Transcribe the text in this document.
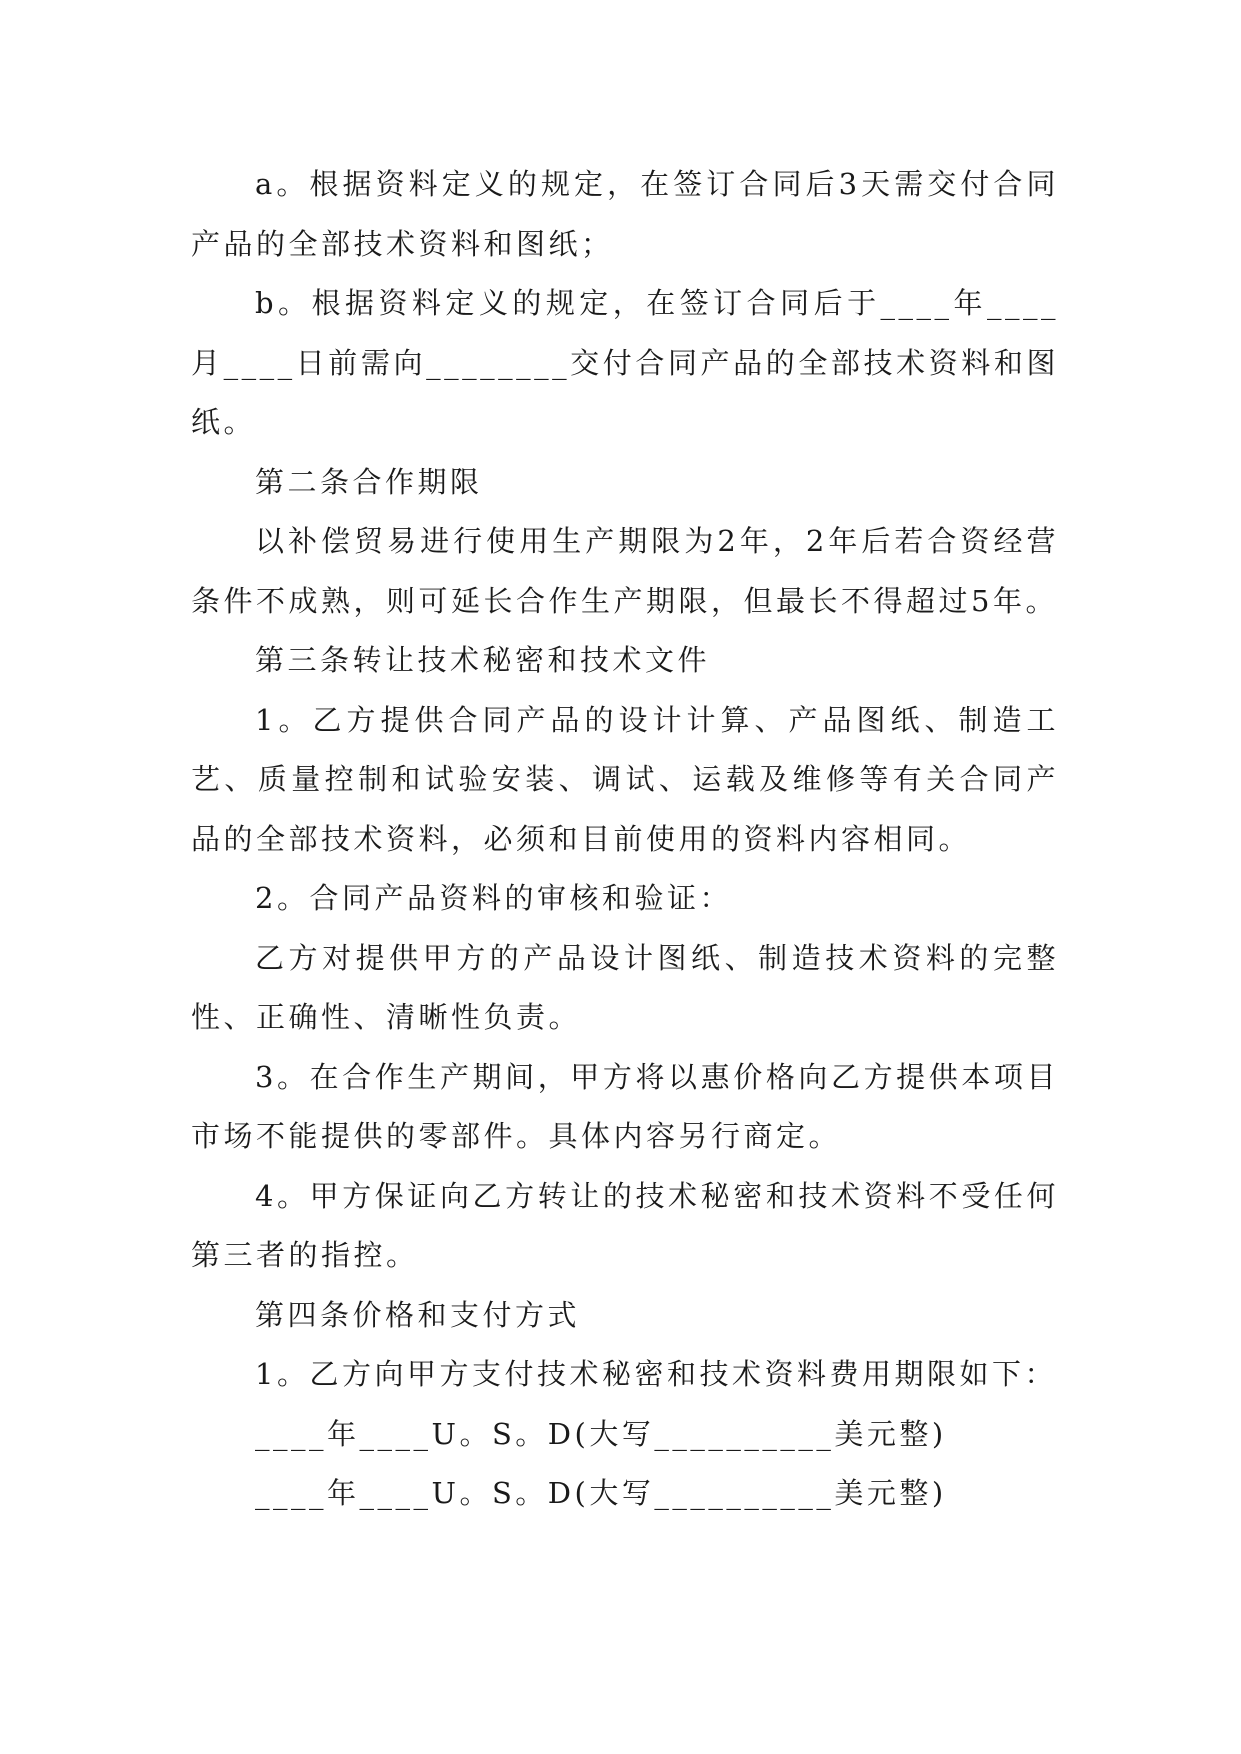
a。根据资料定义的规定，在签订合同后3天需交付合同产品的全部技术资料和图纸；

b。根据资料定义的规定，在签订合同后于____年____月____日前需向________交付合同产品的全部技术资料和图纸。

第二条合作期限

以补偿贸易进行使用生产期限为2年，2年后若合资经营条件不成熟，则可延长合作生产期限，但最长不得超过5年。

第三条转让技术秘密和技术文件

1。乙方提供合同产品的设计计算、产品图纸、制造工艺、质量控制和试验安装、调试、运载及维修等有关合同产品的全部技术资料，必须和目前使用的资料内容相同。

2。合同产品资料的审核和验证：

乙方对提供甲方的产品设计图纸、制造技术资料的完整性、正确性、清晰性负责。

3。在合作生产期间，甲方将以惠价格向乙方提供本项目市场不能提供的零部件。具体内容另行商定。

4。甲方保证向乙方转让的技术秘密和技术资料不受任何第三者的指控。

第四条价格和支付方式

1。乙方向甲方支付技术秘密和技术资料费用期限如下：

____年____U。S。D(大写__________美元整)

____年____U。S。D(大写__________美元整)
